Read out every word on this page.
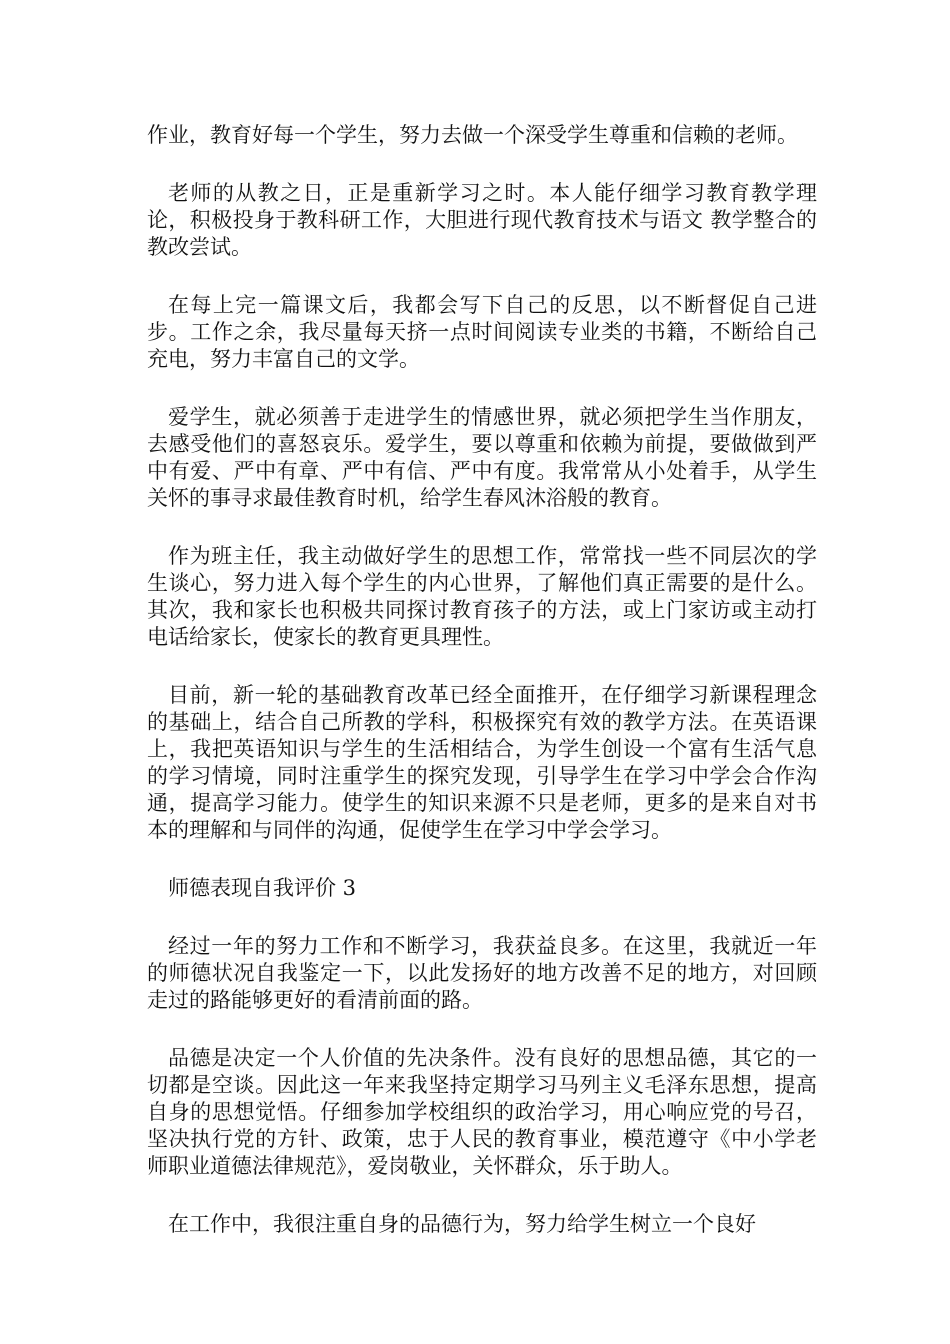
作业，教育好每一个学生，努力去做一个深受学生尊重和信赖的老师。

老师的从教之日，正是重新学习之时。本人能仔细学习教育教学理论，积极投身于教科研工作，大胆进行现代教育技术与语文 教学整合的教改尝试。

在每上完一篇课文后，我都会写下自己的反思，以不断督促自己进步。工作之余，我尽量每天挤一点时间阅读专业类的书籍，不断给自己充电，努力丰富自己的文学。

爱学生，就必须善于走进学生的情感世界，就必须把学生当作朋友，去感受他们的喜怒哀乐。爱学生，要以尊重和依赖为前提，要做做到严中有爱、严中有章、严中有信、严中有度。我常常从小处着手，从学生关怀的事寻求最佳教育时机，给学生春风沐浴般的教育。

作为班主任，我主动做好学生的思想工作，常常找一些不同层次的学生谈心，努力进入每个学生的内心世界，了解他们真正需要的是什么。其次，我和家长也积极共同探讨教育孩子的方法，或上门家访或主动打电话给家长，使家长的教育更具理性。

目前，新一轮的基础教育改革已经全面推开，在仔细学习新课程理念的基础上，结合自己所教的学科，积极探究有效的教学方法。在英语课上，我把英语知识与学生的生活相结合，为学生创设一个富有生活气息的学习情境，同时注重学生的探究发现，引导学生在学习中学会合作沟通，提高学习能力。使学生的知识来源不只是老师，更多的是来自对书本的理解和与同伴的沟通，促使学生在学习中学会学习。

师德表现自我评价 3

经过一年的努力工作和不断学习，我获益良多。在这里，我就近一年的师德状况自我鉴定一下，以此发扬好的地方改善不足的地方，对回顾走过的路能够更好的看清前面的路。

品德是决定一个人价值的先决条件。没有良好的思想品德，其它的一切都是空谈。因此这一年来我坚持定期学习马列主义毛泽东思想，提高自身的思想觉悟。仔细参加学校组织的政治学习，用心响应党的号召，坚决执行党的方针、政策，忠于人民的教育事业，模范遵守《中小学老师职业道德法律规范》，爱岗敬业，关怀群众，乐于助人。

在工作中，我很注重自身的品德行为，努力给学生树立一个良好
